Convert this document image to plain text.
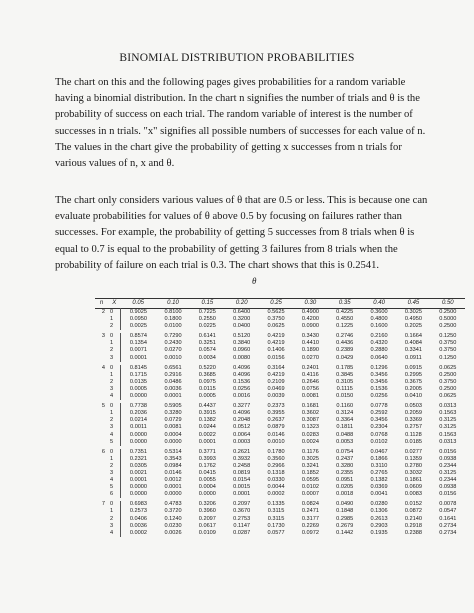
BINOMIAL DISTRIBUTION PROBABILITIES
The chart on this and the following pages gives probabilities for a random variable having a binomial distribution. In the chart n signifies the number of trials and θ is the probability of success on each trial. The random variable of interest is the number of successes in n trials. "x" signifies all possible numbers of successes for each value of n. The values in the chart give the probability of getting x successes from n trials for various values of n, x and θ.
The chart only considers various values of θ that are 0.5 or less. This is because one can evaluate probabilities for values of θ above 0.5 by focusing on failures rather than successes. For example, the probability of getting 5 successes from 8 trials when θ is equal to 0.7 is equal to the probability of getting 3 failures from 8 trials when the probability of failure on each trial is 0.3. The chart shows that this is 0.2541.
θ
n	X	0.05	0.10	0.15	0.20	0.25	0.30	0.35	0.40	0.45	0.50
2	0	0.9025	0.8100	0.7225	0.6400	0.5625	0.4900	0.4225	0.3600	0.3025	0.2500
	1	0.0950	0.1800	0.2550	0.3200	0.3750	0.4200	0.4550	0.4800	0.4950	0.5000
	2	0.0025	0.0100	0.0225	0.0400	0.0625	0.0900	0.1225	0.1600	0.2025	0.2500

3	0	0.8574	0.7290	0.6141	0.5120	0.4219	0.3430	0.2746	0.2160	0.1664	0.1250
	1	0.1354	0.2430	0.3251	0.3840	0.4219	0.4410	0.4436	0.4320	0.4084	0.3750
	2	0.0071	0.0270	0.0574	0.0960	0.1406	0.1890	0.2389	0.2880	0.3341	0.3750
	3	0.0001	0.0010	0.0034	0.0080	0.0156	0.0270	0.0429	0.0640	0.0911	0.1250

4	0	0.8145	0.6561	0.5220	0.4096	0.3164	0.2401	0.1785	0.1296	0.0915	0.0625
	1	0.1715	0.2916	0.3685	0.4096	0.4219	0.4116	0.3845	0.3456	0.2995	0.2500
	2	0.0135	0.0486	0.0975	0.1536	0.2109	0.2646	0.3105	0.3456	0.3675	0.3750
	3	0.0005	0.0036	0.0115	0.0256	0.0469	0.0756	0.1115	0.1536	0.2005	0.2500
	4	0.0000	0.0001	0.0005	0.0016	0.0039	0.0081	0.0150	0.0256	0.0410	0.0625

5	0	0.7738	0.5905	0.4437	0.3277	0.2373	0.1681	0.1160	0.0778	0.0503	0.0313
	1	0.2036	0.3280	0.3915	0.4096	0.3955	0.3602	0.3124	0.2592	0.2059	0.1563
	2	0.0214	0.0729	0.1382	0.2048	0.2637	0.3087	0.3364	0.3456	0.3369	0.3125
	3	0.0011	0.0081	0.0244	0.0512	0.0879	0.1323	0.1811	0.2304	0.2757	0.3125
	4	0.0000	0.0004	0.0022	0.0064	0.0146	0.0283	0.0488	0.0768	0.1128	0.1563
	5	0.0000	0.0000	0.0001	0.0003	0.0010	0.0024	0.0053	0.0102	0.0185	0.0313

6	0	0.7351	0.5314	0.3771	0.2621	0.1780	0.1176	0.0754	0.0467	0.0277	0.0156
	1	0.2321	0.3543	0.3993	0.3932	0.3560	0.3025	0.2437	0.1866	0.1359	0.0938
	2	0.0305	0.0984	0.1762	0.2458	0.2966	0.3241	0.3280	0.3110	0.2780	0.2344
	3	0.0021	0.0146	0.0415	0.0819	0.1318	0.1852	0.2355	0.2765	0.3032	0.3125
	4	0.0001	0.0012	0.0055	0.0154	0.0330	0.0595	0.0951	0.1382	0.1861	0.2344
	5	0.0000	0.0001	0.0004	0.0015	0.0044	0.0102	0.0205	0.0369	0.0609	0.0938
	6	0.0000	0.0000	0.0000	0.0001	0.0002	0.0007	0.0018	0.0041	0.0083	0.0156

7	0	0.6983	0.4783	0.3206	0.2097	0.1335	0.0824	0.0490	0.0280	0.0152	0.0078
	1	0.2573	0.3720	0.3960	0.3670	0.3115	0.2471	0.1848	0.1306	0.0872	0.0547
	2	0.0406	0.1240	0.2097	0.2753	0.3115	0.3177	0.2985	0.2613	0.2140	0.1641
	3	0.0036	0.0230	0.0617	0.1147	0.1730	0.2269	0.2679	0.2903	0.2918	0.2734
	4	0.0002	0.0026	0.0109	0.0287	0.0577	0.0972	0.1442	0.1935	0.2388	0.2734
